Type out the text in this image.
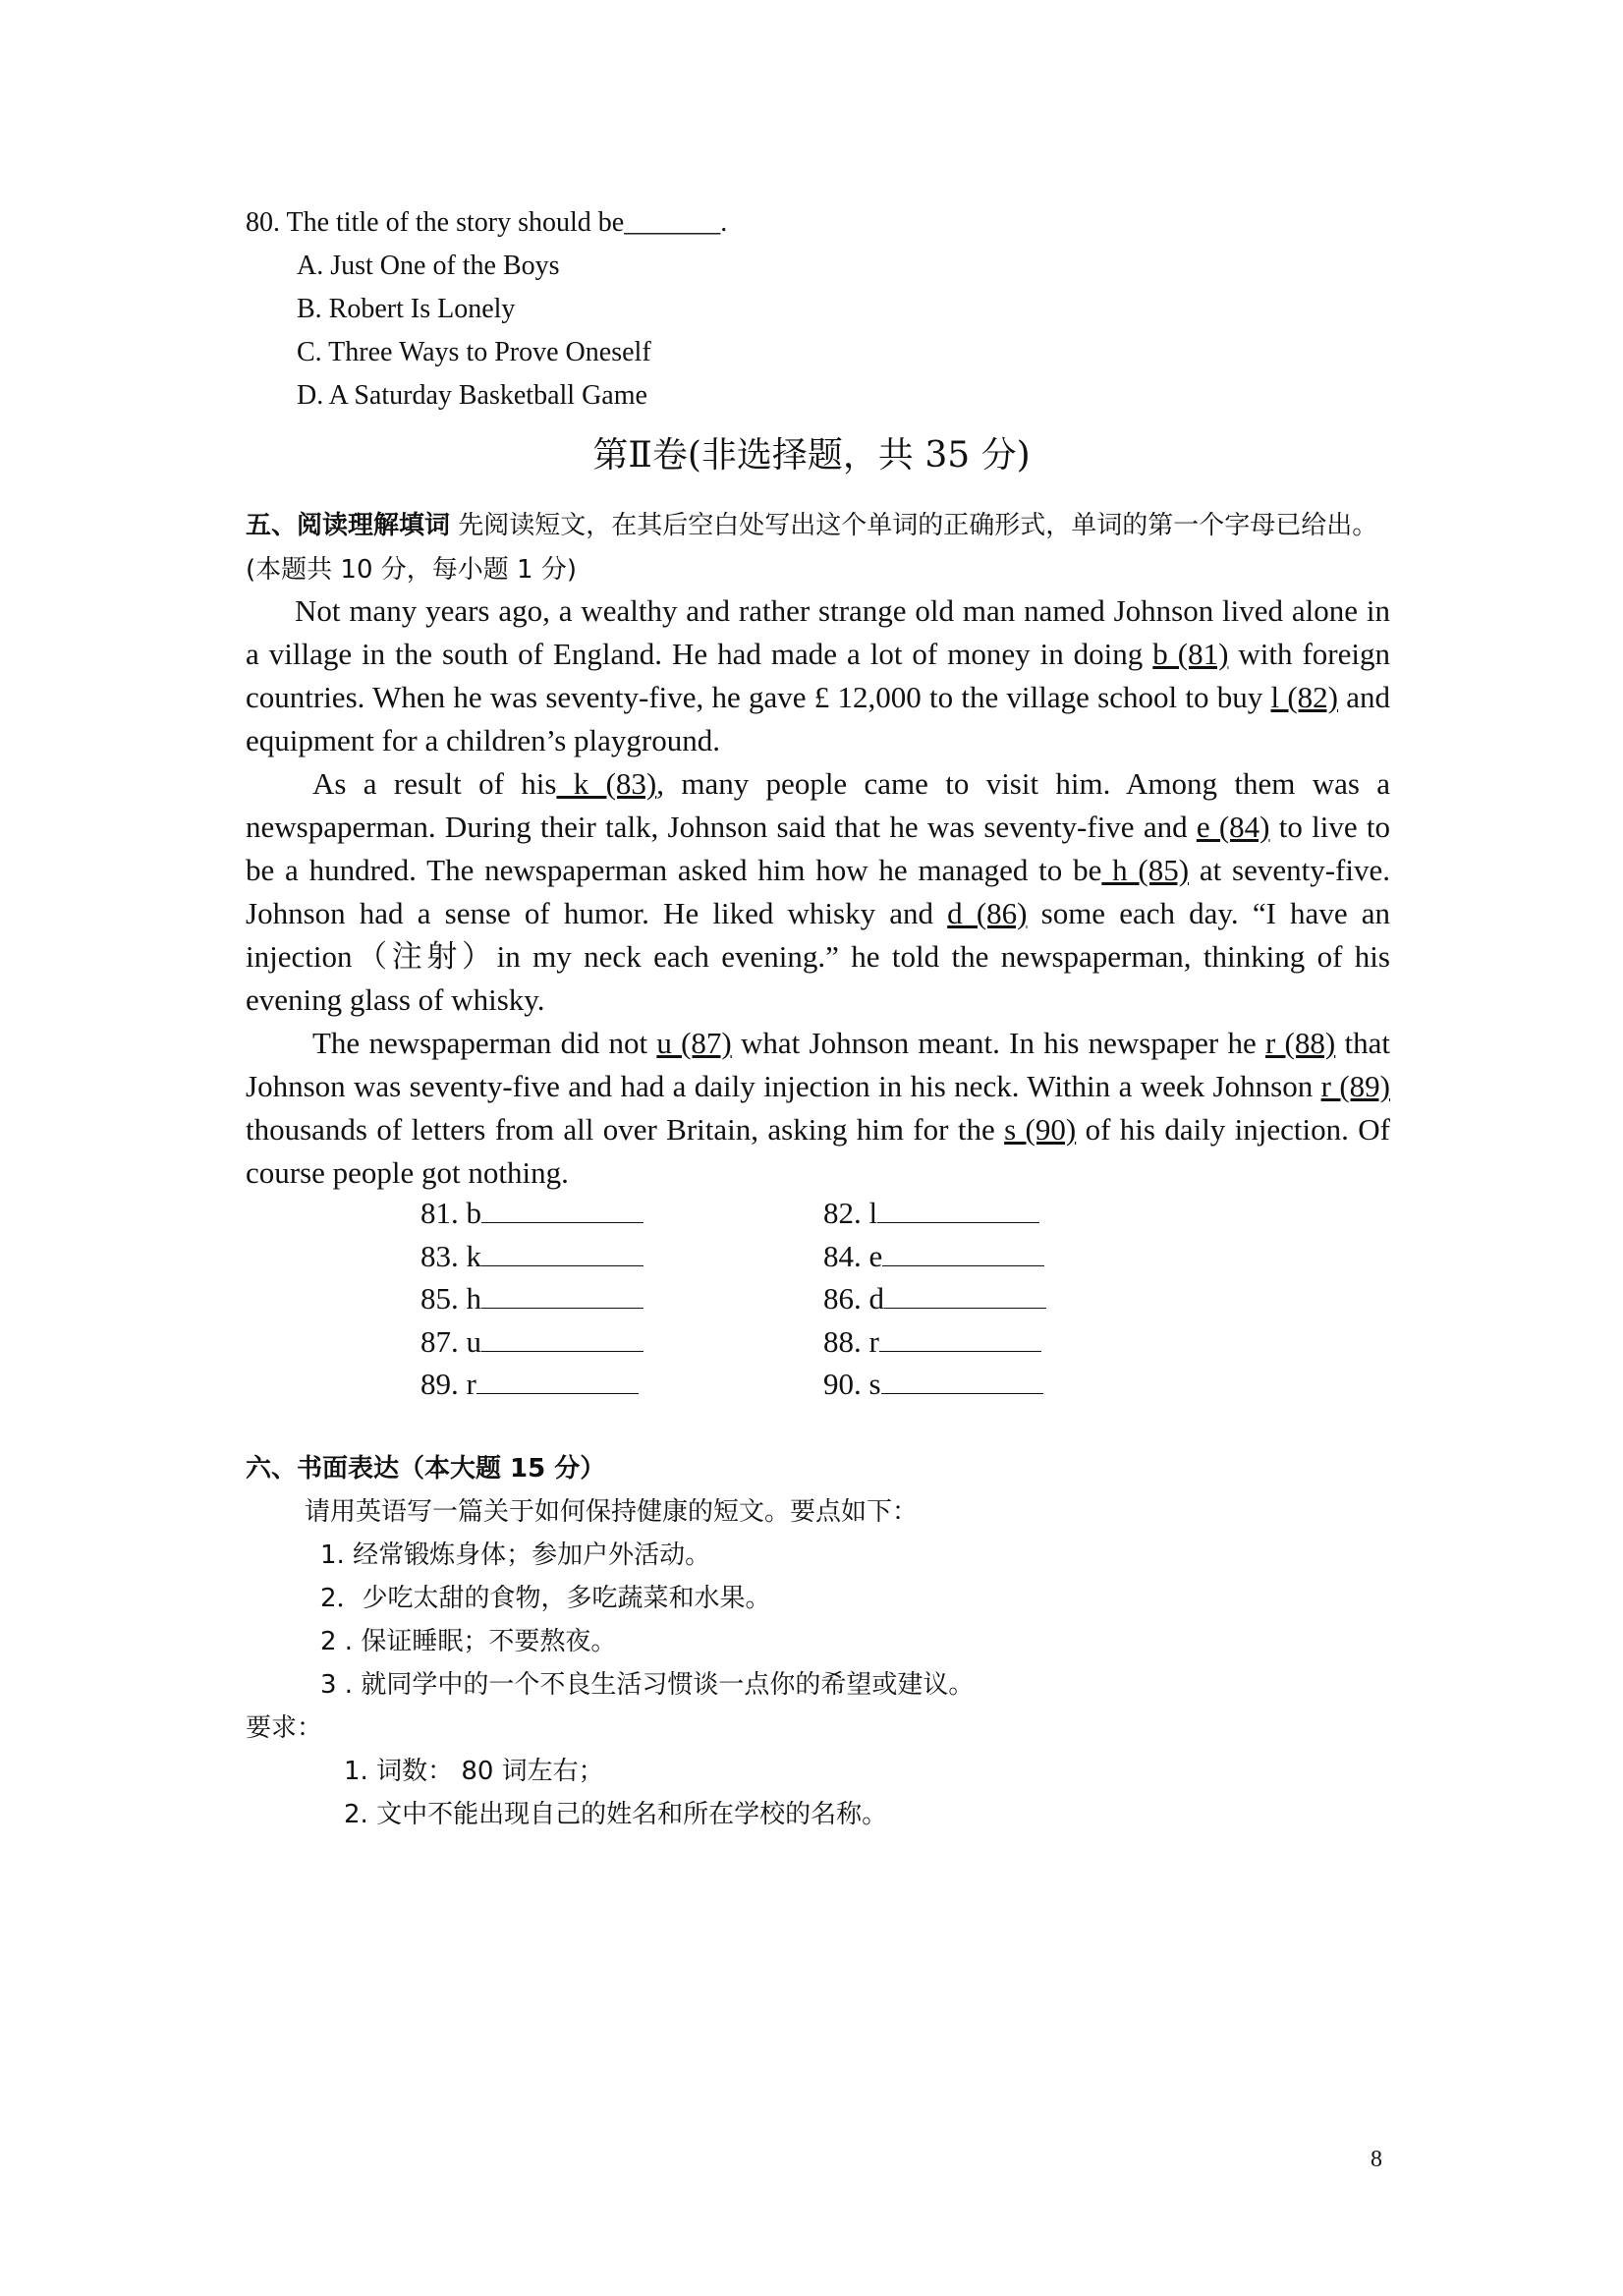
80. The title of the story should be_______.
A. Just One of the Boys
B. Robert Is Lonely
C. Three Ways to Prove Oneself
D. A Saturday Basketball Game
第Ⅱ卷(非选择题，共 35 分)
五、阅读理解填词 先阅读短文，在其后空白处写出这个单词的正确形式，单词的第一个字母已给出。(本题共 10 分，每小题 1 分)

Not many years ago, a wealthy and rather strange old man named Johnson lived alone in a village in the south of England. He had made a lot of money in doing b (81) with foreign countries. When he was seventy-five, he gave £ 12,000 to the village school to buy l (82) and equipment for a children’s playground.

As a result of his k (83), many people came to visit him. Among them was a newspaperman. During their talk, Johnson said that he was seventy-five and e (84) to live to be a hundred. The newspaperman asked him how he managed to be h (85) at seventy-five. Johnson had a sense of humor. He liked whisky and d (86) some each day. “I have an injection（注射）in my neck each evening.” he told the newspaperman, thinking of his evening glass of whisky.

The newspaperman did not u (87) what Johnson meant. In his newspaper he r (88) that Johnson was seventy-five and had a daily injection in his neck. Within a week Johnson r (89) thousands of letters from all over Britain, asking him for the s (90) of his daily injection. Of course people got nothing.

81. b	82. l
83. k	84. e
85. h	86. d
87. u	88. r
89. r	90. s
六、书面表达（本大题 15 分）
请用英语写一篇关于如何保持健康的短文。要点如下：
1. 经常锻炼身体；参加户外活动。
2．少吃太甜的食物，多吃蔬菜和水果。
2 . 保证睡眠；不要熬夜。
3 . 就同学中的一个不良生活习惯谈一点你的希望或建议。
要求：
1. 词数： 80 词左右；
2. 文中不能出现自己的姓名和所在学校的名称。
8
